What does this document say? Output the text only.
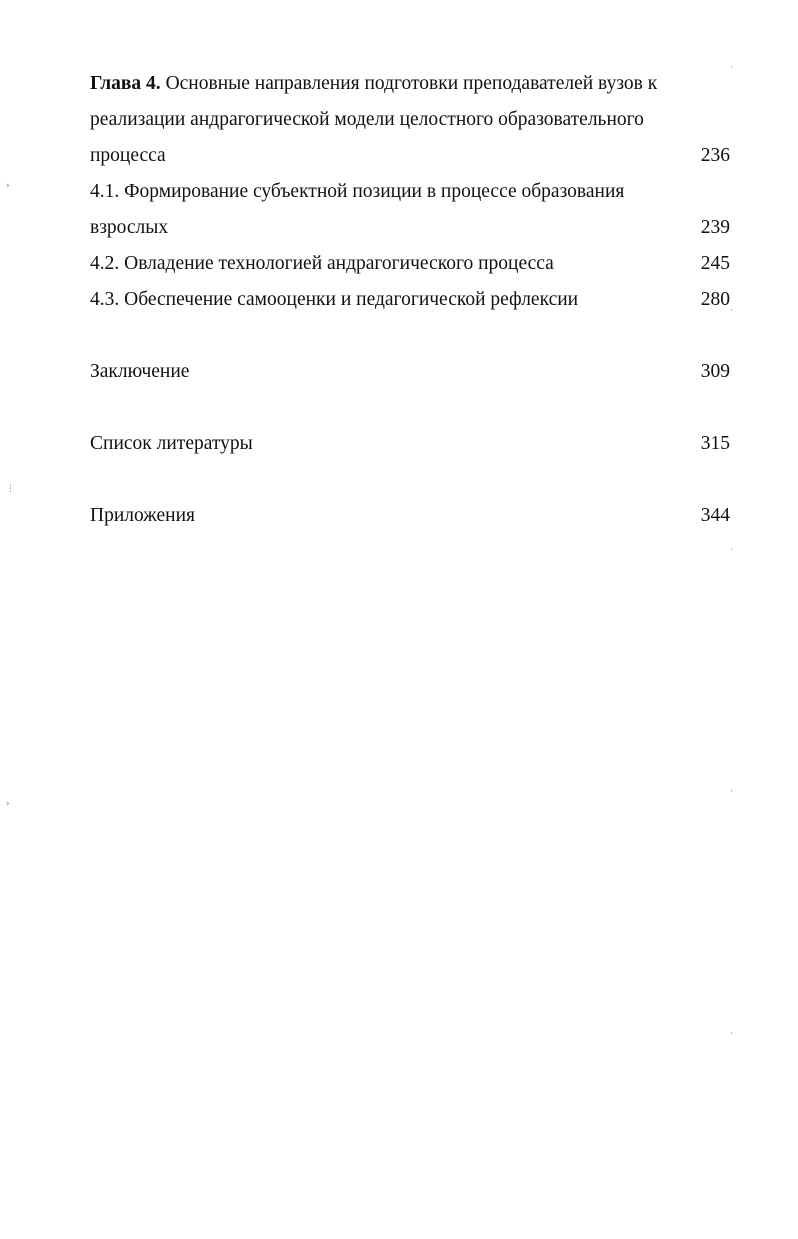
›
⋮
›
·
·
·
·
·
Глава 4. Основные направления подготовки преподавателей вузов к
реализации андрагогической модели целостного образовательного
процесса	236
4.1. Формирование субъектной позиции в процессе образования
взрослых	239
4.2. Овладение технологией андрагогического процесса	245
4.3. Обеспечение самооценки и педагогической рефлексии	280
Заключение	309
Список литературы	315
Приложения	344
